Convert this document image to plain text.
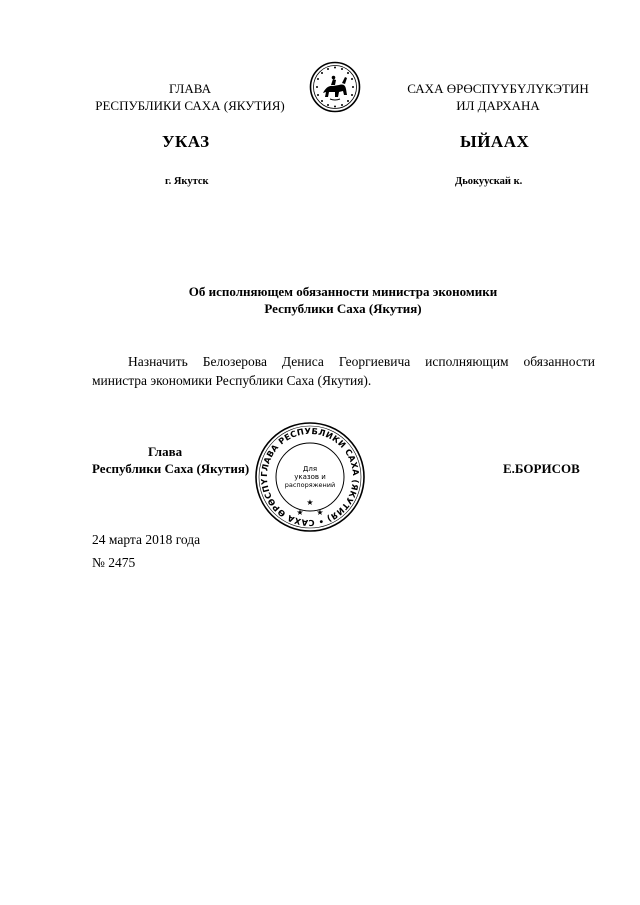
ГЛАВА
РЕСПУБЛИКИ САХА (ЯКУТИЯ)
САХА ӨРӨСПҮҮБҮЛҮКЭТИН
ИЛ ДАРХАНА
УКАЗ	ЫЙААХ
г. Якутск	Дьокуускай к.
Об исполняющем обязанности министра экономики
Республики Саха (Якутия)
Назначить Белозерова Дениса Георгиевича исполняющим обязанности министра экономики Республики Саха (Якутия).
Глава
Республики Саха (Якутия)	Е.БОРИСОВ
ГЛАВА РЕСПУБЛИКИ САХА (ЯКУТИЯ) • САХА ӨРӨСПҮ
Для
указов и
распоряжений
★
★ ★
24 марта 2018 года
№ 2475
